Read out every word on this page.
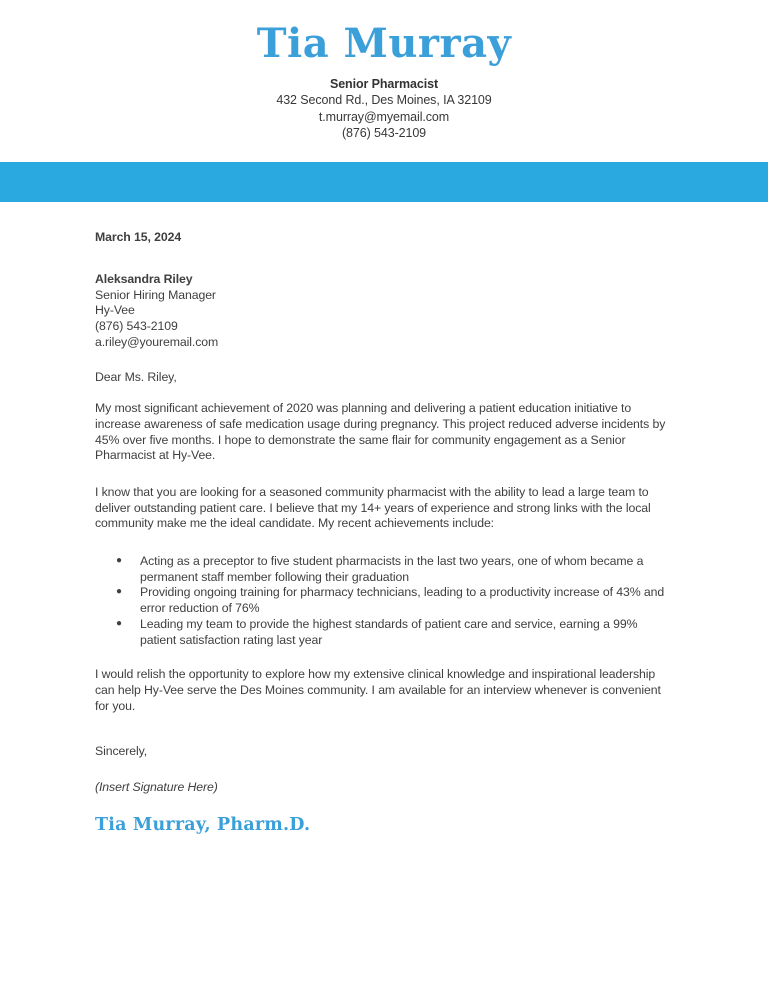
Tia Murray
Senior Pharmacist
432 Second Rd., Des Moines, IA 32109
t.murray@myemail.com
(876) 543-2109
March 15, 2024
Aleksandra Riley
Senior Hiring Manager
Hy-Vee
(876) 543-2109
a.riley@youremail.com
Dear Ms. Riley,
My most significant achievement of 2020 was planning and delivering a patient education initiative to increase awareness of safe medication usage during pregnancy. This project reduced adverse incidents by 45% over five months. I hope to demonstrate the same flair for community engagement as a Senior Pharmacist at Hy-Vee.
I know that you are looking for a seasoned community pharmacist with the ability to lead a large team to deliver outstanding patient care. I believe that my 14+ years of experience and strong links with the local community make me the ideal candidate. My recent achievements include:
● Acting as a preceptor to five student pharmacists in the last two years, one of whom became a permanent staff member following their graduation
● Providing ongoing training for pharmacy technicians, leading to a productivity increase of 43% and error reduction of 76%
● Leading my team to provide the highest standards of patient care and service, earning a 99% patient satisfaction rating last year
I would relish the opportunity to explore how my extensive clinical knowledge and inspirational leadership can help Hy-Vee serve the Des Moines community. I am available for an interview whenever is convenient for you.
Sincerely,
(Insert Signature Here)
Tia Murray, Pharm.D.
